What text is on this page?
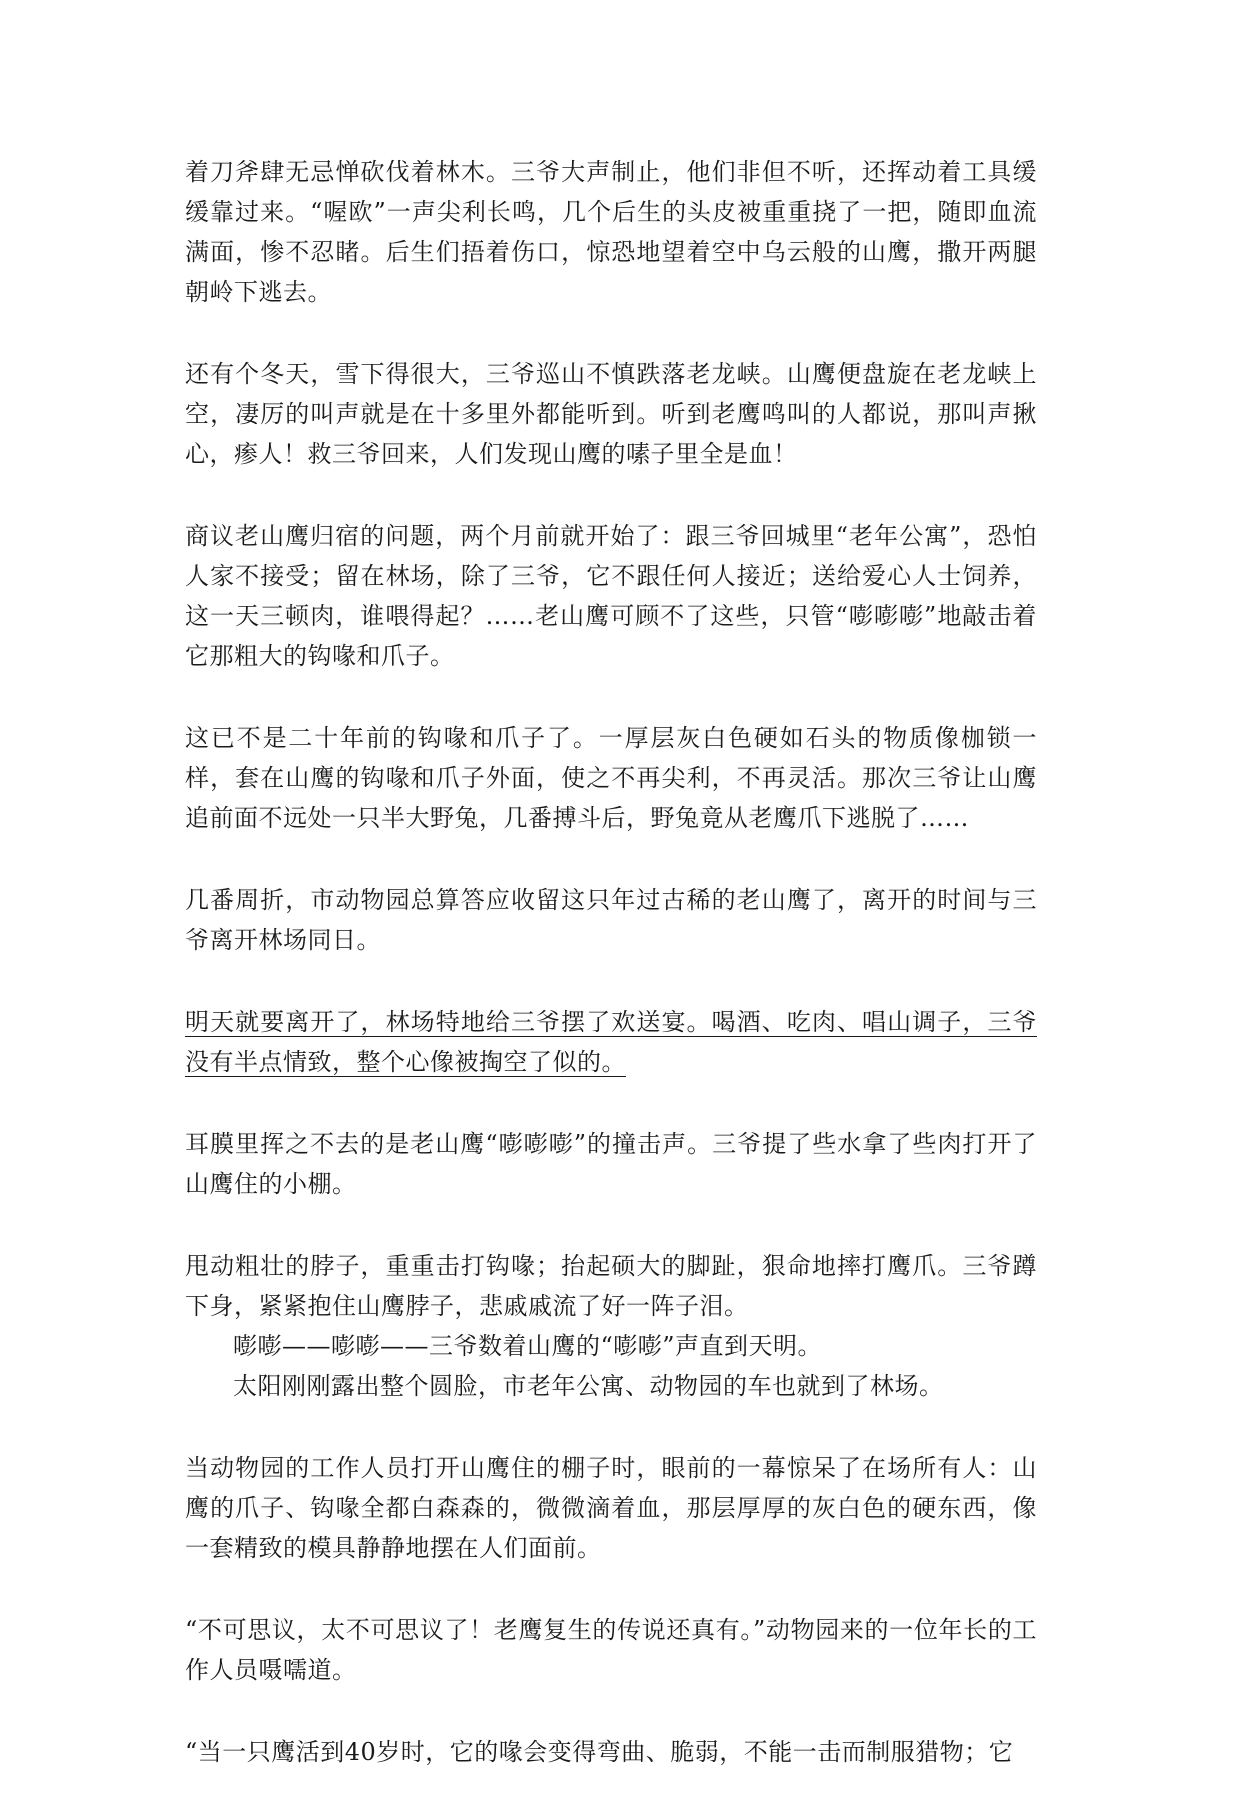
着刀斧肆无忌惮砍伐着林木。三爷大声制止，他们非但不听，还挥动着工具缓缓靠过来。“喔欧”一声尖利长鸣，几个后生的头皮被重重挠了一把，随即血流满面，惨不忍睹。后生们捂着伤口，惊恐地望着空中乌云般的山鹰，撒开两腿朝岭下逃去。

还有个冬天，雪下得很大，三爷巡山不慎跌落老龙峡。山鹰便盘旋在老龙峡上空，凄厉的叫声就是在十多里外都能听到。听到老鹰鸣叫的人都说，那叫声揪心，瘆人！救三爷回来，人们发现山鹰的嗉子里全是血！

商议老山鹰归宿的问题，两个月前就开始了：跟三爷回城里“老年公寓”，恐怕人家不接受；留在林场，除了三爷，它不跟任何人接近；送给爱心人士饲养，这一天三顿肉，谁喂得起？……老山鹰可顾不了这些，只管“嘭嘭嘭”地敲击着它那粗大的钩喙和爪子。

这已不是二十年前的钩喙和爪子了。一厚层灰白色硬如石头的物质像枷锁一样，套在山鹰的钩喙和爪子外面，使之不再尖利，不再灵活。那次三爷让山鹰追前面不远处一只半大野兔，几番搏斗后，野兔竟从老鹰爪下逃脱了……

几番周折，市动物园总算答应收留这只年过古稀的老山鹰了，离开的时间与三爷离开林场同日。

明天就要离开了，林场特地给三爷摆了欢送宴。喝酒、吃肉、唱山调子，三爷没有半点情致，整个心像被掏空了似的。

耳膜里挥之不去的是老山鹰“嘭嘭嘭”的撞击声。三爷提了些水拿了些肉打开了山鹰住的小棚。

甩动粗壮的脖子，重重击打钩喙；抬起硕大的脚趾，狠命地摔打鹰爪。三爷蹲下身，紧紧抱住山鹰脖子，悲戚戚流了好一阵子泪。

嘭嘭——嘭嘭——三爷数着山鹰的“嘭嘭”声直到天明。

太阳刚刚露出整个圆脸，市老年公寓、动物园的车也就到了林场。

当动物园的工作人员打开山鹰住的棚子时，眼前的一幕惊呆了在场所有人：山鹰的爪子、钩喙全都白森森的，微微滴着血，那层厚厚的灰白色的硬东西，像一套精致的模具静静地摆在人们面前。

“不可思议，太不可思议了！老鹰复生的传说还真有。”动物园来的一位年长的工作人员嗫嚅道。

“当一只鹰活到40岁时，它的喙会变得弯曲、脆弱，不能一击而制服猎物；它
